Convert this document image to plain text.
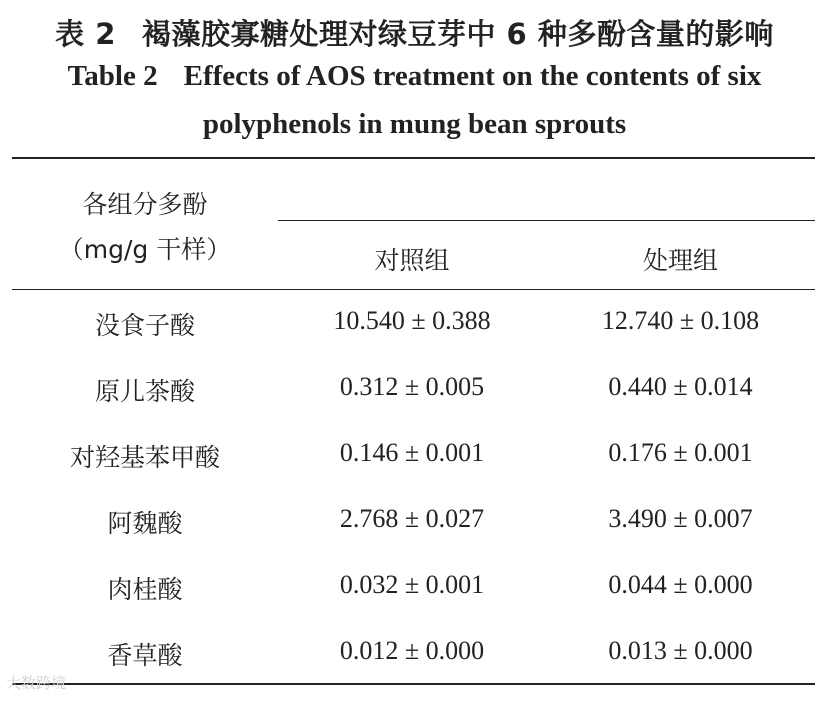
表 2 褐藻胶寡糖处理对绿豆芽中 6 种多酚含量的影响
Table 2 Effects of AOS treatment on the contents of six
polyphenols in mung bean sprouts
各组分多酚
（mg/g 干样）	对照组	处理组
没食子酸	10.540 ± 0.388	12.740 ± 0.108
原儿茶酸	0.312 ± 0.005	0.440 ± 0.014
对羟基苯甲酸	0.146 ± 0.001	0.176 ± 0.001
阿魏酸	2.768 ± 0.027	3.490 ± 0.007
肉桂酸	0.032 ± 0.001	0.044 ± 0.000
香草酸	0.012 ± 0.000	0.013 ± 0.000
大数跨境
